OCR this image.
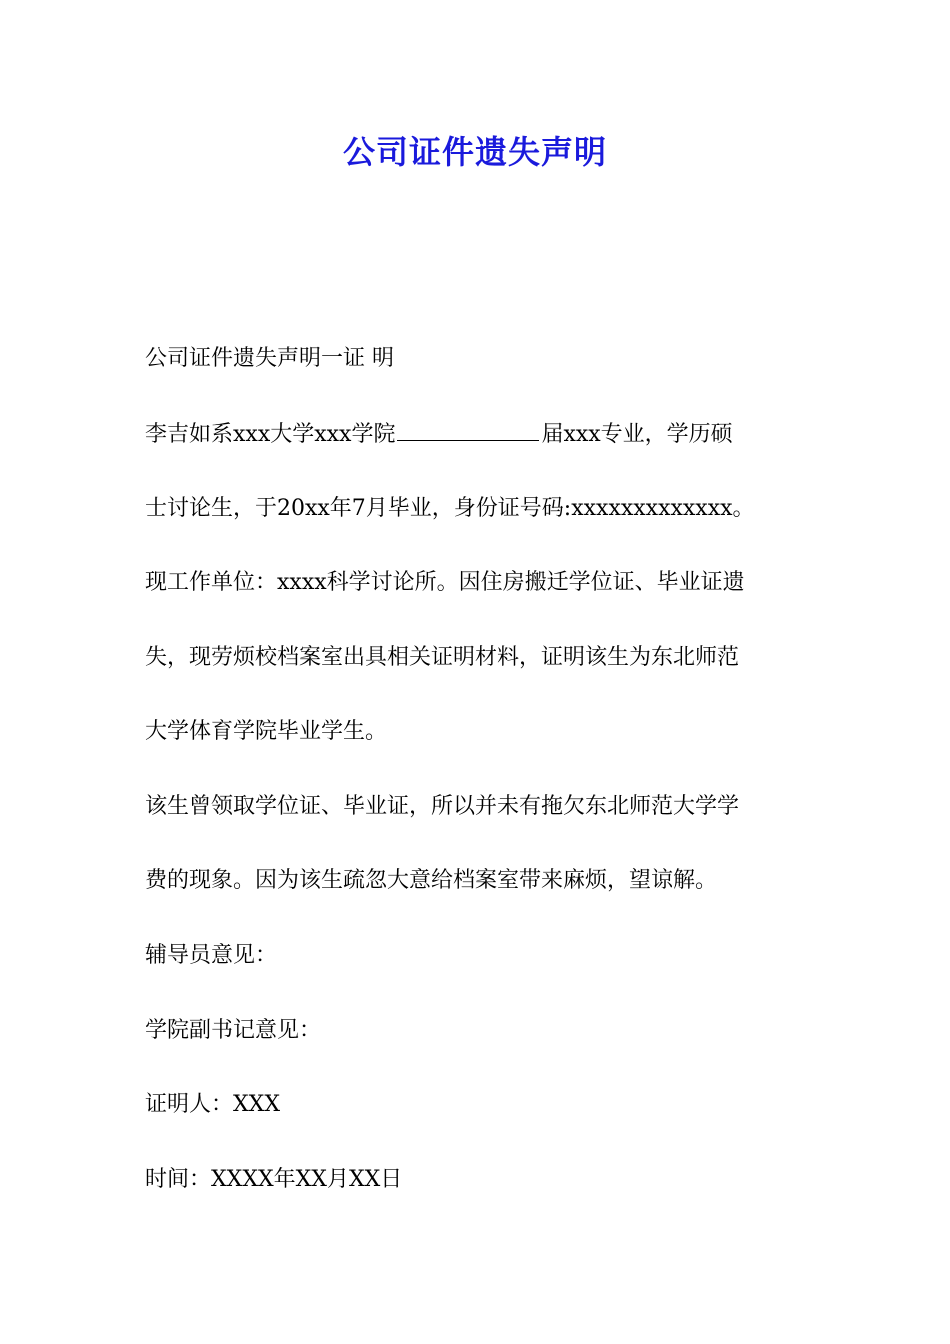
公司证件遗失声明

公司证件遗失声明一证 明

李吉如系xxx大学xxx学院	届xxx专业，学历硕

士讨论生，于20xx年7月毕业，身份证号码:xxxxxxxxxxxxx。

现工作单位：xxxx科学讨论所。因住房搬迁学位证、毕业证遗

失，现劳烦校档案室出具相关证明材料，证明该生为东北师范

大学体育学院毕业学生。

该生曾领取学位证、毕业证，所以并未有拖欠东北师范大学学

费的现象。因为该生疏忽大意给档案室带来麻烦，望谅解。

辅导员意见：

学院副书记意见：

证明人：XXX

时间：XXXX年XX月XX日
